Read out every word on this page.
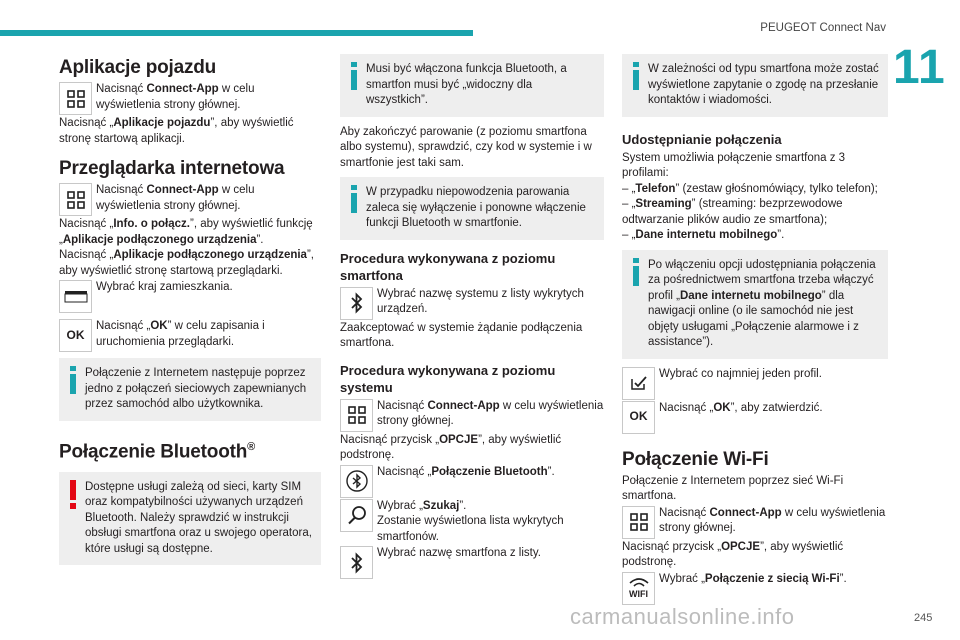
PEUGEOT Connect Nav
11
Aplikacje pojazdu

Nacisnąć Connect-App w celu wyświetlenia strony głównej.

Nacisnąć „Aplikacje pojazdu”, aby wyświetlić stronę startową aplikacji.

Przeglądarka internetowa

Nacisnąć Connect-App w celu wyświetlenia strony głównej.

Nacisnąć „Info. o połącz.”, aby wyświetlić funkcję „Aplikacje podłączonego urządzenia”.

Nacisnąć „Aplikacje podłączonego urządzenia”, aby wyświetlić stronę startową przeglądarki.

Wybrać kraj zamieszkania.

OK

Nacisnąć „OK” w celu zapisania i uruchomienia przeglądarki.

Połączenie z Internetem następuje poprzez jedno z połączeń sieciowych zapewnianych przez samochód albo użytkownika.

Połączenie Bluetooth®

Dostępne usługi zależą od sieci, karty SIM oraz kompatybilności używanych urządzeń Bluetooth. Należy sprawdzić w instrukcji obsługi smartfona oraz u swojego operatora, które usługi są dostępne.

Musi być włączona funkcja Bluetooth, a smartfon musi być „widoczny dla wszystkich”.

Aby zakończyć parowanie (z poziomu smartfona albo systemu), sprawdzić, czy kod w systemie i w smartfonie jest taki sam.

W przypadku niepowodzenia parowania zaleca się wyłączenie i ponowne włączenie funkcji Bluetooth w smartfonie.

Procedura wykonywana z poziomu smartfona

Wybrać nazwę systemu z listy wykrytych urządzeń.

Zaakceptować w systemie żądanie podłączenia smartfona.

Procedura wykonywana z poziomu systemu

Nacisnąć Connect-App w celu wyświetlenia strony głównej.

Nacisnąć przycisk „OPCJE”, aby wyświetlić podstronę.

Nacisnąć „Połączenie Bluetooth”.

Wybrać „Szukaj”.
Zostanie wyświetlona lista wykrytych smartfonów.

Wybrać nazwę smartfona z listy.

W zależności od typu smartfona może zostać wyświetlone zapytanie o zgodę na przesłanie kontaktów i wiadomości.

Udostępnianie połączenia

System umożliwia połączenie smartfona z 3 profilami:

– „Telefon” (zestaw głośnomówiący, tylko telefon);

– „Streaming” (streaming: bezprzewodowe odtwarzanie plików audio ze smartfona);

– „Dane internetu mobilnego”.

Po włączeniu opcji udostępniania połączenia za pośrednictwem smartfona trzeba włączyć profil „Dane internetu mobilnego” dla nawigacji online (o ile samochód nie jest objęty usługami „Połączenie alarmowe i z assistance”).

Wybrać co najmniej jeden profil.

OK

Nacisnąć „OK”, aby zatwierdzić.

Połączenie Wi-Fi

Połączenie z Internetem poprzez sieć Wi-Fi smartfona.

Nacisnąć Connect-App w celu wyświetlenia strony głównej.

Nacisnąć przycisk „OPCJE”, aby wyświetlić podstronę.

WIFI

Wybrać „Połączenie z siecią Wi-Fi”.

carmanualsonline.info	245
